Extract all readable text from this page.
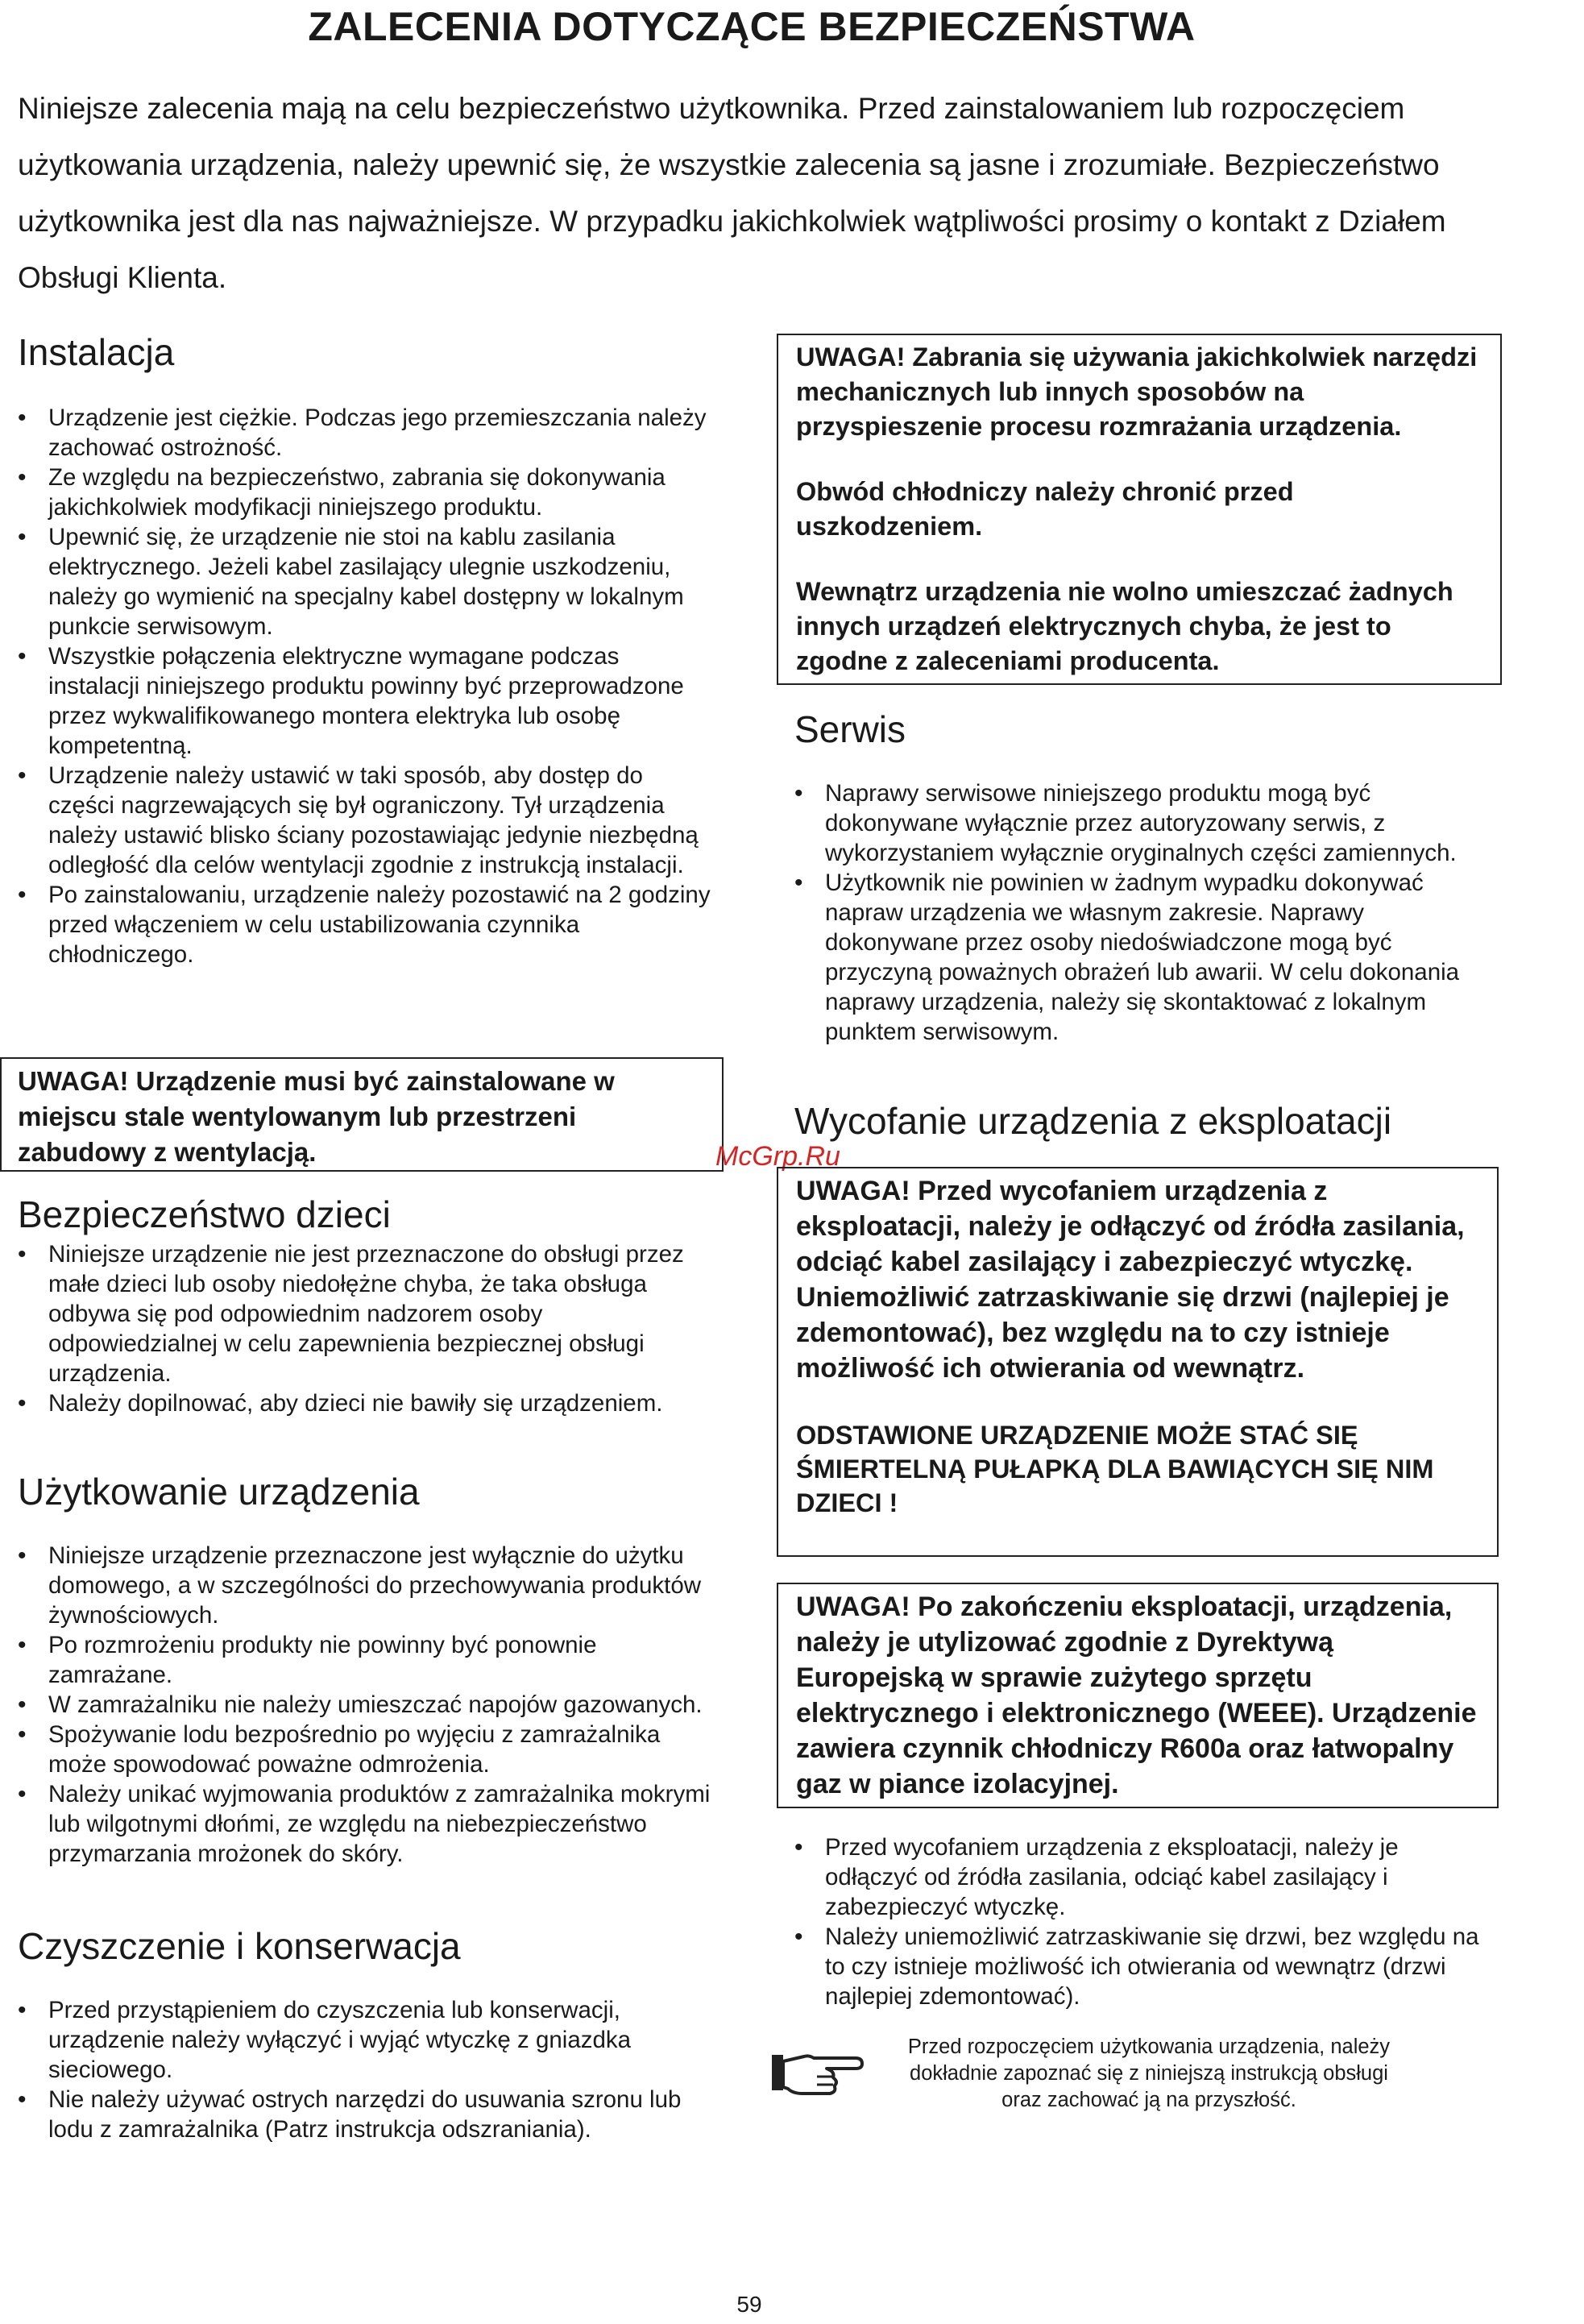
ZALECENIA DOTYCZĄCE BEZPIECZEŃSTWA
Niniejsze zalecenia mają na celu bezpieczeństwo użytkownika. Przed zainstalowaniem lub rozpoczęciem użytkowania urządzenia, należy upewnić się, że wszystkie zalecenia są jasne i zrozumiałe. Bezpieczeństwo użytkownika jest dla nas najważniejsze. W przypadku jakichkolwiek wątpliwości prosimy o kontakt z Działem Obsługi Klienta.
Instalacja
• Urządzenie jest ciężkie. Podczas jego przemieszczania należy zachować ostrożność.
• Ze względu na bezpieczeństwo, zabrania się dokonywania jakichkolwiek modyfikacji niniejszego produktu.
• Upewnić się, że urządzenie nie stoi na kablu zasilania elektrycznego. Jeżeli kabel zasilający ulegnie uszkodzeniu, należy go wymienić na specjalny kabel dostępny w lokalnym punkcie serwisowym.
• Wszystkie połączenia elektryczne wymagane podczas instalacji niniejszego produktu powinny być przeprowadzone przez wykwalifikowanego montera elektryka lub osobę kompetentną.
• Urządzenie należy ustawić w taki sposób, aby dostęp do części nagrzewających się był ograniczony. Tył urządzenia należy ustawić blisko ściany pozostawiając jedynie niezbędną odległość dla celów wentylacji zgodnie z instrukcją instalacji.
• Po zainstalowaniu, urządzenie należy pozostawić na 2 godziny przed włączeniem w celu ustabilizowania czynnika chłodniczego.

UWAGA! Urządzenie musi być zainstalowane w miejscu stale wentylowanym lub przestrzeni zabudowy z wentylacją.

Bezpieczeństwo dzieci
• Niniejsze urządzenie nie jest przeznaczone do obsługi przez małe dzieci lub osoby niedołężne chyba, że taka obsługa odbywa się pod odpowiednim nadzorem osoby odpowiedzialnej w celu zapewnienia bezpiecznej obsługi urządzenia.
• Należy dopilnować, aby dzieci nie bawiły się urządzeniem.
Użytkowanie urządzenia
• Niniejsze urządzenie przeznaczone jest wyłącznie do użytku domowego, a w szczególności do przechowywania produktów żywnościowych.
• Po rozmrożeniu produkty nie powinny być ponownie zamrażane.
• W zamrażalniku nie należy umieszczać napojów gazowanych.
• Spożywanie lodu bezpośrednio po wyjęciu z zamrażalnika może spowodować poważne odmrożenia.
• Należy unikać wyjmowania produktów z zamrażalnika mokrymi lub wilgotnymi dłońmi, ze względu na niebezpieczeństwo przymarzania mrożonek do skóry.
Czyszczenie i konserwacja
• Przed przystąpieniem do czyszczenia lub konserwacji, urządzenie należy wyłączyć i wyjąć wtyczkę z gniazdka sieciowego.
• Nie należy używać ostrych narzędzi do usuwania szronu lub lodu z zamrażalnika (Patrz instrukcja odszraniania).

UWAGA! Zabrania się używania jakichkolwiek narzędzi mechanicznych lub innych sposobów na przyspieszenie procesu rozmrażania urządzenia.

Obwód chłodniczy należy chronić przed uszkodzeniem.

Wewnątrz urządzenia nie wolno umieszczać żadnych innych urządzeń elektrycznych chyba, że jest to zgodne z zaleceniami producenta.

Serwis
• Naprawy serwisowe niniejszego produktu mogą być dokonywane wyłącznie przez autoryzowany serwis, z wykorzystaniem wyłącznie oryginalnych części zamiennych.
• Użytkownik nie powinien w żadnym wypadku dokonywać napraw urządzenia we własnym zakresie. Naprawy dokonywane przez osoby niedoświadczone mogą być przyczyną poważnych obrażeń lub awarii. W celu dokonania naprawy urządzenia, należy się skontaktować z lokalnym punktem serwisowym.
Wycofanie urządzenia z eksploatacji
McGrp.Ru

UWAGA! Przed wycofaniem urządzenia z eksploatacji, należy je odłączyć od źródła zasilania, odciąć kabel zasilający i zabezpieczyć wtyczkę. Uniemożliwić zatrzaskiwanie się drzwi (najlepiej je zdemontować), bez względu na to czy istnieje możliwość ich otwierania od wewnątrz.

ODSTAWIONE URZĄDZENIE MOŻE STAĆ SIĘ ŚMIERTELNĄ PUŁAPKĄ DLA BAWIĄCYCH SIĘ NIM DZIECI !

UWAGA! Po zakończeniu eksploatacji, urządzenia, należy je utylizować zgodnie z Dyrektywą Europejską w sprawie zużytego sprzętu elektrycznego i elektronicznego (WEEE). Urządzenie zawiera czynnik chłodniczy R600a oraz łatwopalny gaz w piance izolacyjnej.

• Przed wycofaniem urządzenia z eksploatacji, należy je odłączyć od źródła zasilania, odciąć kabel zasilający i zabezpieczyć wtyczkę.
• Należy uniemożliwić zatrzaskiwanie się drzwi, bez względu na to czy istnieje możliwość ich otwierania od wewnątrz (drzwi najlepiej zdemontować).
Przed rozpoczęciem użytkowania urządzenia, należy dokładnie zapoznać się z niniejszą instrukcją obsługi oraz zachować ją na przyszłość.
59
